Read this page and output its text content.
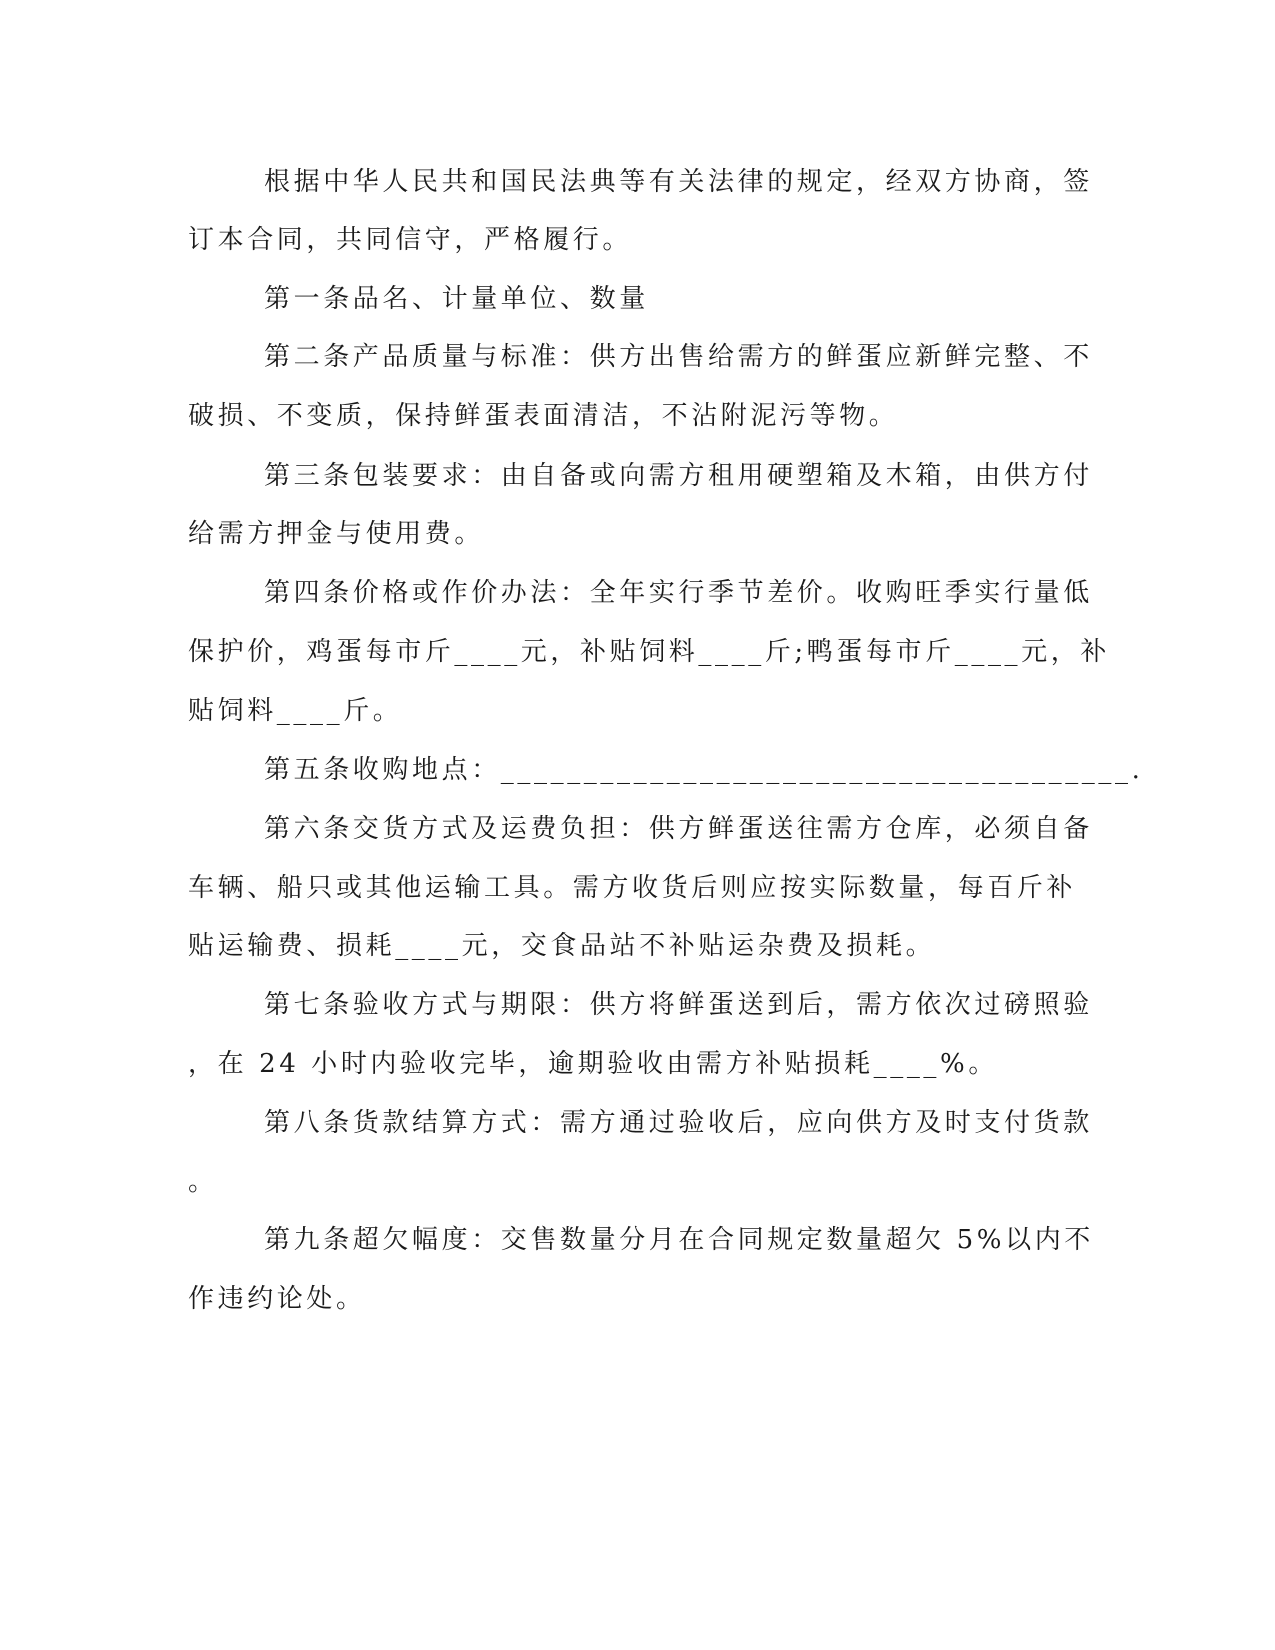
根据中华人民共和国民法典等有关法律的规定，经双方协商，签
订本合同，共同信守，严格履行。
第一条品名、计量单位、数量
第二条产品质量与标准：供方出售给需方的鲜蛋应新鲜完整、不
破损、不变质，保持鲜蛋表面清洁，不沾附泥污等物。
第三条包装要求：由自备或向需方租用硬塑箱及木箱，由供方付
给需方押金与使用费。
第四条价格或作价办法：全年实行季节差价。收购旺季实行量低
保护价，鸡蛋每市斤____元，补贴饲料____斤;鸭蛋每市斤____元，补
贴饲料____斤。
第五条收购地点：______________________________________.
第六条交货方式及运费负担：供方鲜蛋送往需方仓库，必须自备
车辆、船只或其他运输工具。需方收货后则应按实际数量，每百斤补
贴运输费、损耗____元，交食品站不补贴运杂费及损耗。
第七条验收方式与期限：供方将鲜蛋送到后，需方依次过磅照验
，在 24 小时内验收完毕，逾期验收由需方补贴损耗____%。
第八条货款结算方式：需方通过验收后，应向供方及时支付货款
。
第九条超欠幅度：交售数量分月在合同规定数量超欠 5%以内不
作违约论处。
